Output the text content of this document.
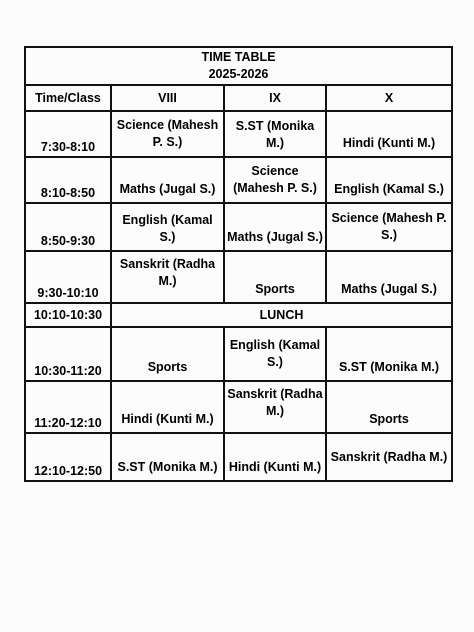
TIME TABLE
2025-2026			

Time/Class	VIII	IX	X
7:30-8:10	Science (Mahesh P. S.)	S.ST (Monika M.)	Hindi (Kunti M.)
8:10-8:50	Maths (Jugal S.)	Science (Mahesh P. S.)	English (Kamal S.)
8:50-9:30	English (Kamal S.)	Maths (Jugal S.)	Science (Mahesh P. S.)
9:30-10:10	Sanskrit (Radha M.)	Sports	Maths (Jugal S.)
10:10-10:30	LUNCH		
10:30-11:20	Sports	English (Kamal S.)	S.ST (Monika M.)
11:20-12:10	Hindi (Kunti M.)	Sanskrit (Radha M.)	Sports
12:10-12:50	S.ST (Monika M.)	Hindi (Kunti M.)	Sanskrit (Radha M.)
